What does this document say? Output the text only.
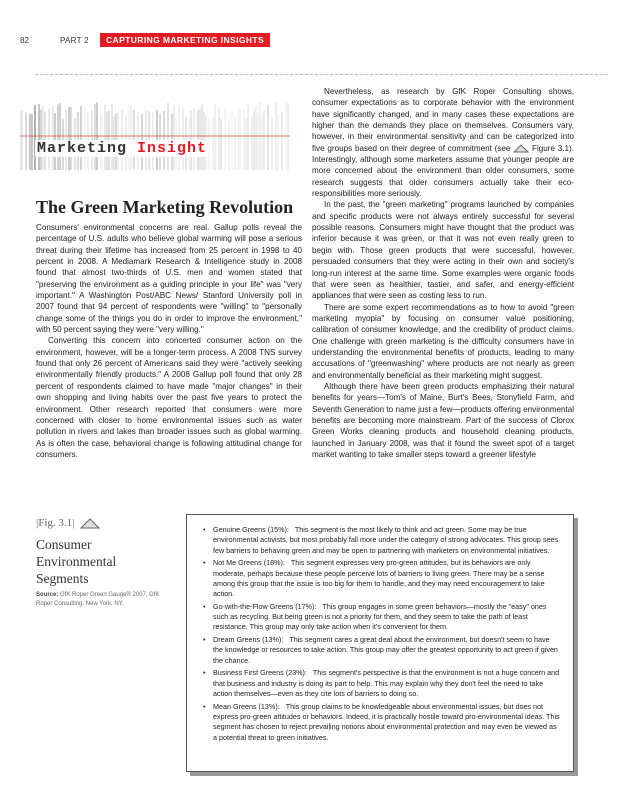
82	PART 2	CAPTURING MARKETING INSIGHTS
Marketing Insight
The Green Marketing Revolution

Consumers' environmental concerns are real. Gallup polls reveal the percentage of U.S. adults who believe global warming will pose a serious threat during their lifetime has increased from 25 percent in 1998 to 40 percent in 2008. A Mediamark Research & Intelligence study in 2008 found that almost two-thirds of U.S. men and women stated that "preserving the environment as a guiding principle in your life" was "very important." A Washington Post/ABC News/ Stanford University poll in 2007 found that 94 percent of respondents were "willing" to "personally change some of the things you do in order to improve the environment," with 50 percent saying they were "very willing."

Converting this concern into concerted consumer action on the environment, however, will be a longer-term process. A 2008 TNS survey found that only 26 percent of Americans said they were "actively seeking environmentally friendly products." A 2008 Gallup poll found that only 28 percent of respondents claimed to have made "major changes" in their own shopping and living habits over the past five years to protect the environment. Other research reported that consumers were more concerned with closer to home environmental issues such as water pollution in rivers and lakes than broader issues such as global warming. As is often the case, behavioral change is following attitudinal change for consumers.

Nevertheless, as research by GfK Roper Consulting shows, consumer expectations as to corporate behavior with the environment have significantly changed, and in many cases these expectations are higher than the demands they place on themselves. Consumers vary, however, in their environmental sensitivity and can be categorized into five groups based on their degree of commitment (see  Figure 3.1). Interestingly, although some marketers assume that younger people are more concerned about the environment than older consumers, some research suggests that older consumers actually take their eco-responsibilities more seriously.

In the past, the "green marketing" programs launched by companies and specific products were not always entirely successful for several possible reasons. Consumers might have thought that the product was inferior because it was green, or that it was not even really green to begin with. Those green products that were successful, however, persuaded consumers that they were acting in their own and society's long-run interest at the same time. Some examples were organic foods that were seen as healthier, tastier, and safer, and energy-efficient appliances that were seen as costing less to run.

There are some expert recommendations as to how to avoid "green marketing myopia" by focusing on consumer value positioning, calibration of consumer knowledge, and the credibility of product claims. One challenge with green marketing is the difficulty consumers have in understanding the environmental benefits of products, leading to many accusations of "greenwashing" where products are not nearly as green and environmentally beneficial as their marketing might suggest.

Although there have been green products emphasizing their natural benefits for years—Tom's of Maine, Burt's Bees, Stonyfield Farm, and Seventh Generation to name just a few—products offering environmental benefits are becoming more mainstream. Part of the success of Clorox Green Works cleaning products and household cleaning products, launched in January 2008, was that it found the sweet spot of a target market wanting to take smaller steps toward a greener lifestyle

|Fig. 3.1|
Consumer Environmental Segments
Source: GfK Roper Green Gauge® 2007, GfK Roper Consulting, New York, NY.
• Genuine Greens (15%): This segment is the most likely to think and act green. Some may be true environmental activists, but most probably fall more under the category of strong advocates. This group sees few barriers to behaving green and may be open to partnering with marketers on environmental initiatives.
• Not Me Greens (18%): This segment expresses very pro-green attitudes, but its behaviors are only moderate, perhaps because these people perceive lots of barriers to living green. There may be a sense among this group that the issue is too big for them to handle, and they may need encouragement to take action.
• Go-with-the-Flow Greens (17%): This group engages in some green behaviors—mostly the "easy" ones such as recycling. But being green is not a priority for them, and they seem to take the path of least resistance. This group may only take action when it's convenient for them.
• Dream Greens (13%): This segment cares a great deal about the environment, but doesn't seem to have the knowledge or resources to take action. This group may offer the greatest opportunity to act green if given the chance.
• Business First Greens (23%): This segment's perspective is that the environment is not a huge concern and that business and industry is doing its part to help. This may explain why they don't feel the need to take action themselves—even as they cite lots of barriers to doing so.
• Mean Greens (13%): This group claims to be knowledgeable about environmental issues, but does not express pro-green attitudes or behaviors. Indeed, it is practically hostile toward pro-environmental ideas. This segment has chosen to reject prevailing notions about environmental protection and may even be viewed as a potential threat to green initiatives.
